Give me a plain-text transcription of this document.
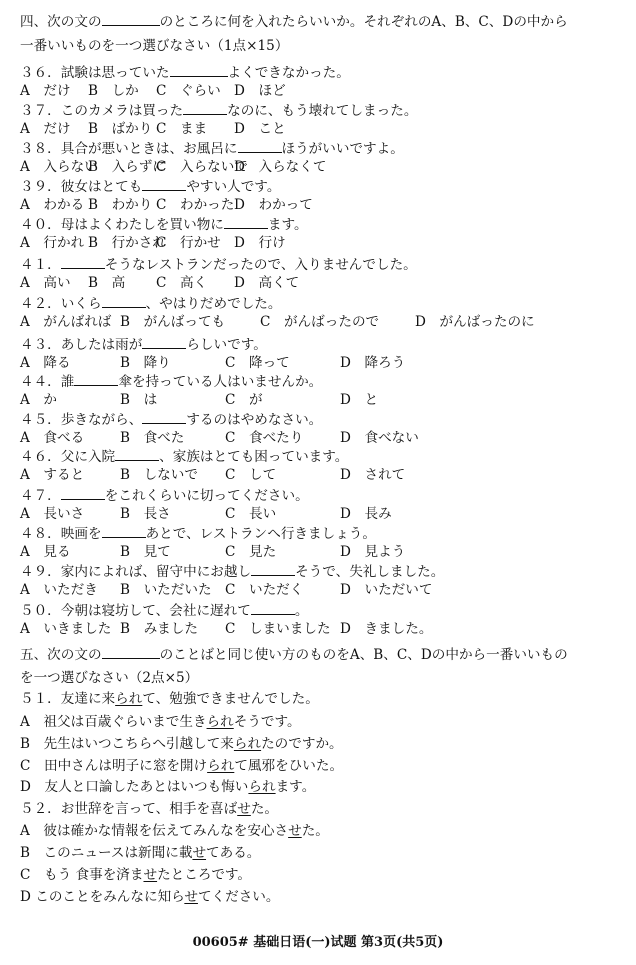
四、次の文の	のところに何を入れたらいいか。それぞれのA、B、C、Dの中から
一番いいものを一つ選びなさい（1点×15）
３６．試験は思っていた	よくできなかった。
A　だけ B　しか C　ぐらい D　ほど
３７．このカメラは買った	なのに、もう壊れてしまった。
A　だけ B　ばかり C　まま D　こと
３８．具合が悪いときは、お風呂に	ほうがいいですよ。
A　入らない
B　入らずに
C　入らないで
D　入らなくて
３９．彼女はとても	やすい人です。
A　わかる B　わかり C　わかった D　わかって
４０．母はよくわたしを買い物に	ます。
A　行かれ B　行かされ
C　行かせ D　行け
４１．	そうなレストランだったので、入りませんでした。
A　高い B　高 C　高く D　高くて
４２．いくら	、やはりだめでした。
A　がんばれば B　がんばっても	C　がんばったので	D　がんばったのに
４３．あしたは雨が	らしいです。
A　降る	B　降り	C　降って	D　降ろう
４４．誰	傘を持っている人はいませんか。
A　か	B　は	C　が	D　と
４５．歩きながら、	するのはやめなさい。
A　食べる	B　食べた	C　食べたり	D　食べない
４６．父に入院	、家族はとても困っています。
A　すると	B　しないで C　して	D　されて
４７．	をこれくらいに切ってください。
A　長いさ	B　長さ	C　長い	D　長み
４８．映画を	あとで、レストランへ行きましょう。
A　見る	B　見て	C　見た	D　見よう
４９．家内によれば、留守中にお越し	そうで、失礼しました。
A　いただき B　いただいた C　いただく	D　いただいて
５０．今朝は寝坊して、会社に遅れて	。
A　いきました B　みました C　しまいました D　きました。
五、次の文の	のことばと同じ使い方のものをA、B、C、Dの中から一番いいもの
を一つ選びなさい（2点×5）
５１．友達に来られて、勉強できませんでした。
A　祖父は百歳ぐらいまで生きられそうです。
B　先生はいつこちらへ引越して来られたのですか。
C　田中さんは明子に窓を開けられて風邪をひいた。
D　友人と口論したあとはいつも悔いられます。
５２．お世辞を言って、相手を喜ばせた。
A　彼は確かな情報を伝えてみんなを安心させた。
B　このニュースは新聞に載せてある。
C　もう 食事を済ませたところです。
D このことをみんなに知らせてください。
00605# 基础日语(一)试题 第3页(共5页)
